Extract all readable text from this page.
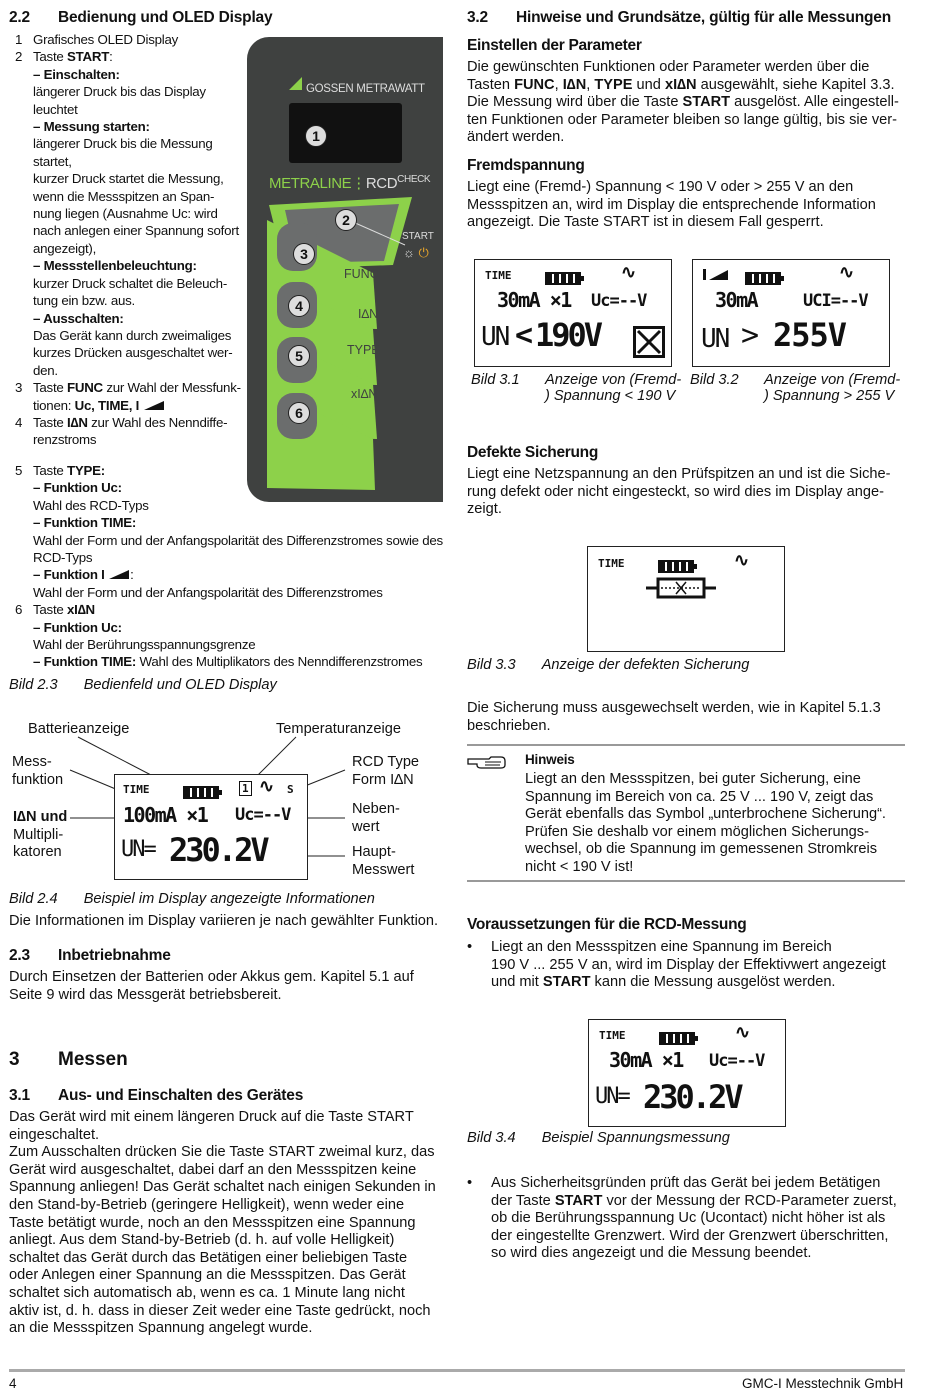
2.2 Bedienung und OLED Display
1 Grafisches OLED Display
2 Taste START:
– Einschalten:
längerer Druck bis das Display
leuchtet
– Messung starten:
längerer Druck bis die Messung
startet,
kurzer Druck startet die Messung,
wenn die Messspitzen an Span-
nung liegen (Ausnahme Uc: wird
nach anlegen einer Spannung sofort
angezeigt),
– Messstellenbeleuchtung:
kurzer Druck schaltet die Beleuch-
tung ein bzw. aus.
– Ausschalten:
Das Gerät kann durch zweimaliges
kurzes Drücken ausgeschaltet wer-
den.
3 Taste FUNC zur Wahl der Messfunk-
tionen: Uc, TIME, I
4 Taste I∆N zur Wahl des Nenndiffe-
renzstroms
5 Taste TYPE:
– Funktion Uc:
Wahl des RCD-Typs
– Funktion TIME:
Wahl der Form und der Anfangspolarität des Differenzstromes sowie des
RCD-Typs
– Funktion I :
Wahl der Form und der Anfangspolarität des Differenzstromes
6 Taste xI∆N
– Funktion Uc:
Wahl der Berührungsspannungsgrenze
– Funktion TIME: Wahl des Multiplikators des Nenndifferenzstromes
Bild 2.3 Bedienfeld und OLED Display
GOSSEN METRAWATT
1
$METRALINE⋮RCD^{CHECK}$
2
3
4
5
6
START
☼ ⏻
FUNC
I∆N
TYPE
xI∆N
Batterieanzeige	Temperaturanzeige
Mess-
funktion
I∆N und
Multipli-
katoren
RCD Type
Form I∆N
Neben-
wert
Haupt-
Messwert
TIME	1 ∿ S
100mA ×1 Uc=--V
UN= 230.2V
Bild 2.4 Beispiel im Display angezeigte Informationen
Die Informationen im Display variieren je nach gewählter Funktion.
2.3 Inbetriebnahme
Durch Einsetzen der Batterien oder Akkus gem. Kapitel 5.1 auf
Seite 9 wird das Messgerät betriebsbereit.
3 Messen
3.1 Aus- und Einschalten des Gerätes
Das Gerät wird mit einem längeren Druck auf die Taste START
eingeschaltet.
Zum Ausschalten drücken Sie die Taste START zweimal kurz, das
Gerät wird ausgeschaltet, dabei darf an den Messspitzen keine
Spannung anliegen! Das Gerät schaltet nach einigen Sekunden in
den Stand-by-Betrieb (geringere Helligkeit), wenn weder eine
Taste betätigt wurde, noch an den Messspitzen eine Spannung
anliegt. Aus dem Stand-by-Betrieb (d. h. auf volle Helligkeit)
schaltet das Gerät durch das Betätigen einer beliebigen Taste
oder Anlegen einer Spannung an die Messspitzen. Das Gerät
schaltet sich automatisch ab, wenn es ca. 1 Minute lang nicht
aktiv ist, d. h. dass in dieser Zeit weder eine Taste gedrückt, noch
an die Messspitzen Spannung angelegt wurde.
3.2 Hinweise und Grundsätze, gültig für alle Messungen
Einstellen der Parameter
Die gewünschten Funktionen oder Parameter werden über die
Tasten FUNC, I∆N, TYPE und xI∆N ausgewählt, siehe Kapitel 3.3.
Die Messung wird über die Taste START ausgelöst. Alle eingestell-
ten Funktionen oder Parameter bleiben so lange gültig, bis sie ver-
ändert werden.
Fremdspannung
Liegt eine (Fremd-) Spannung < 190 V oder > 255 V an den
Messspitzen an, wird im Display die entsprechende Information
angezeigt. Die Taste START ist in diesem Fall gesperrt.
TIME	∿
30mA ×1 Uc=--V
UN < 190V
∿
30mA	UCI=--V
UN > 255V
Bild 3.1 Anzeige von (Fremd-
) Spannung < 190 V
Bild 3.2 Anzeige von (Fremd-
) Spannung > 255 V
Defekte Sicherung
Liegt eine Netzspannung an den Prüfspitzen an und ist die Siche-
rung defekt oder nicht eingesteckt, so wird dies im Display ange-
zeigt.
TIME	∿
Bild 3.3 Anzeige der defekten Sicherung
Die Sicherung muss ausgewechselt werden, wie in Kapitel 5.1.3
beschrieben.
Hinweis
Liegt an den Messspitzen, bei guter Sicherung, eine
Spannung im Bereich von ca. 25 V ... 190 V, zeigt das
Gerät ebenfalls das Symbol „unterbrochene Sicherung“.
Prüfen Sie deshalb vor einem möglichen Sicherungs-
wechsel, ob die Spannung im gemessenen Stromkreis
nicht < 190 V ist!
Voraussetzungen für die RCD-Messung
• Liegt an den Messspitzen eine Spannung im Bereich
190 V ... 255 V an, wird im Display der Effektivwert angezeigt
und mit START kann die Messung ausgelöst werden.
TIME	∿
30mA ×1 Uc=--V
UN= 230.2V
Bild 3.4 Beispiel Spannungsmessung
• Aus Sicherheitsgründen prüft das Gerät bei jedem Betätigen
der Taste START vor der Messung der RCD-Parameter zuerst,
ob die Berührungsspannung Uc (Ucontact) nicht höher ist als
der eingestellte Grenzwert. Wird der Grenzwert überschritten,
so wird dies angezeigt und die Messung beendet.
4	GMC-I Messtechnik GmbH
